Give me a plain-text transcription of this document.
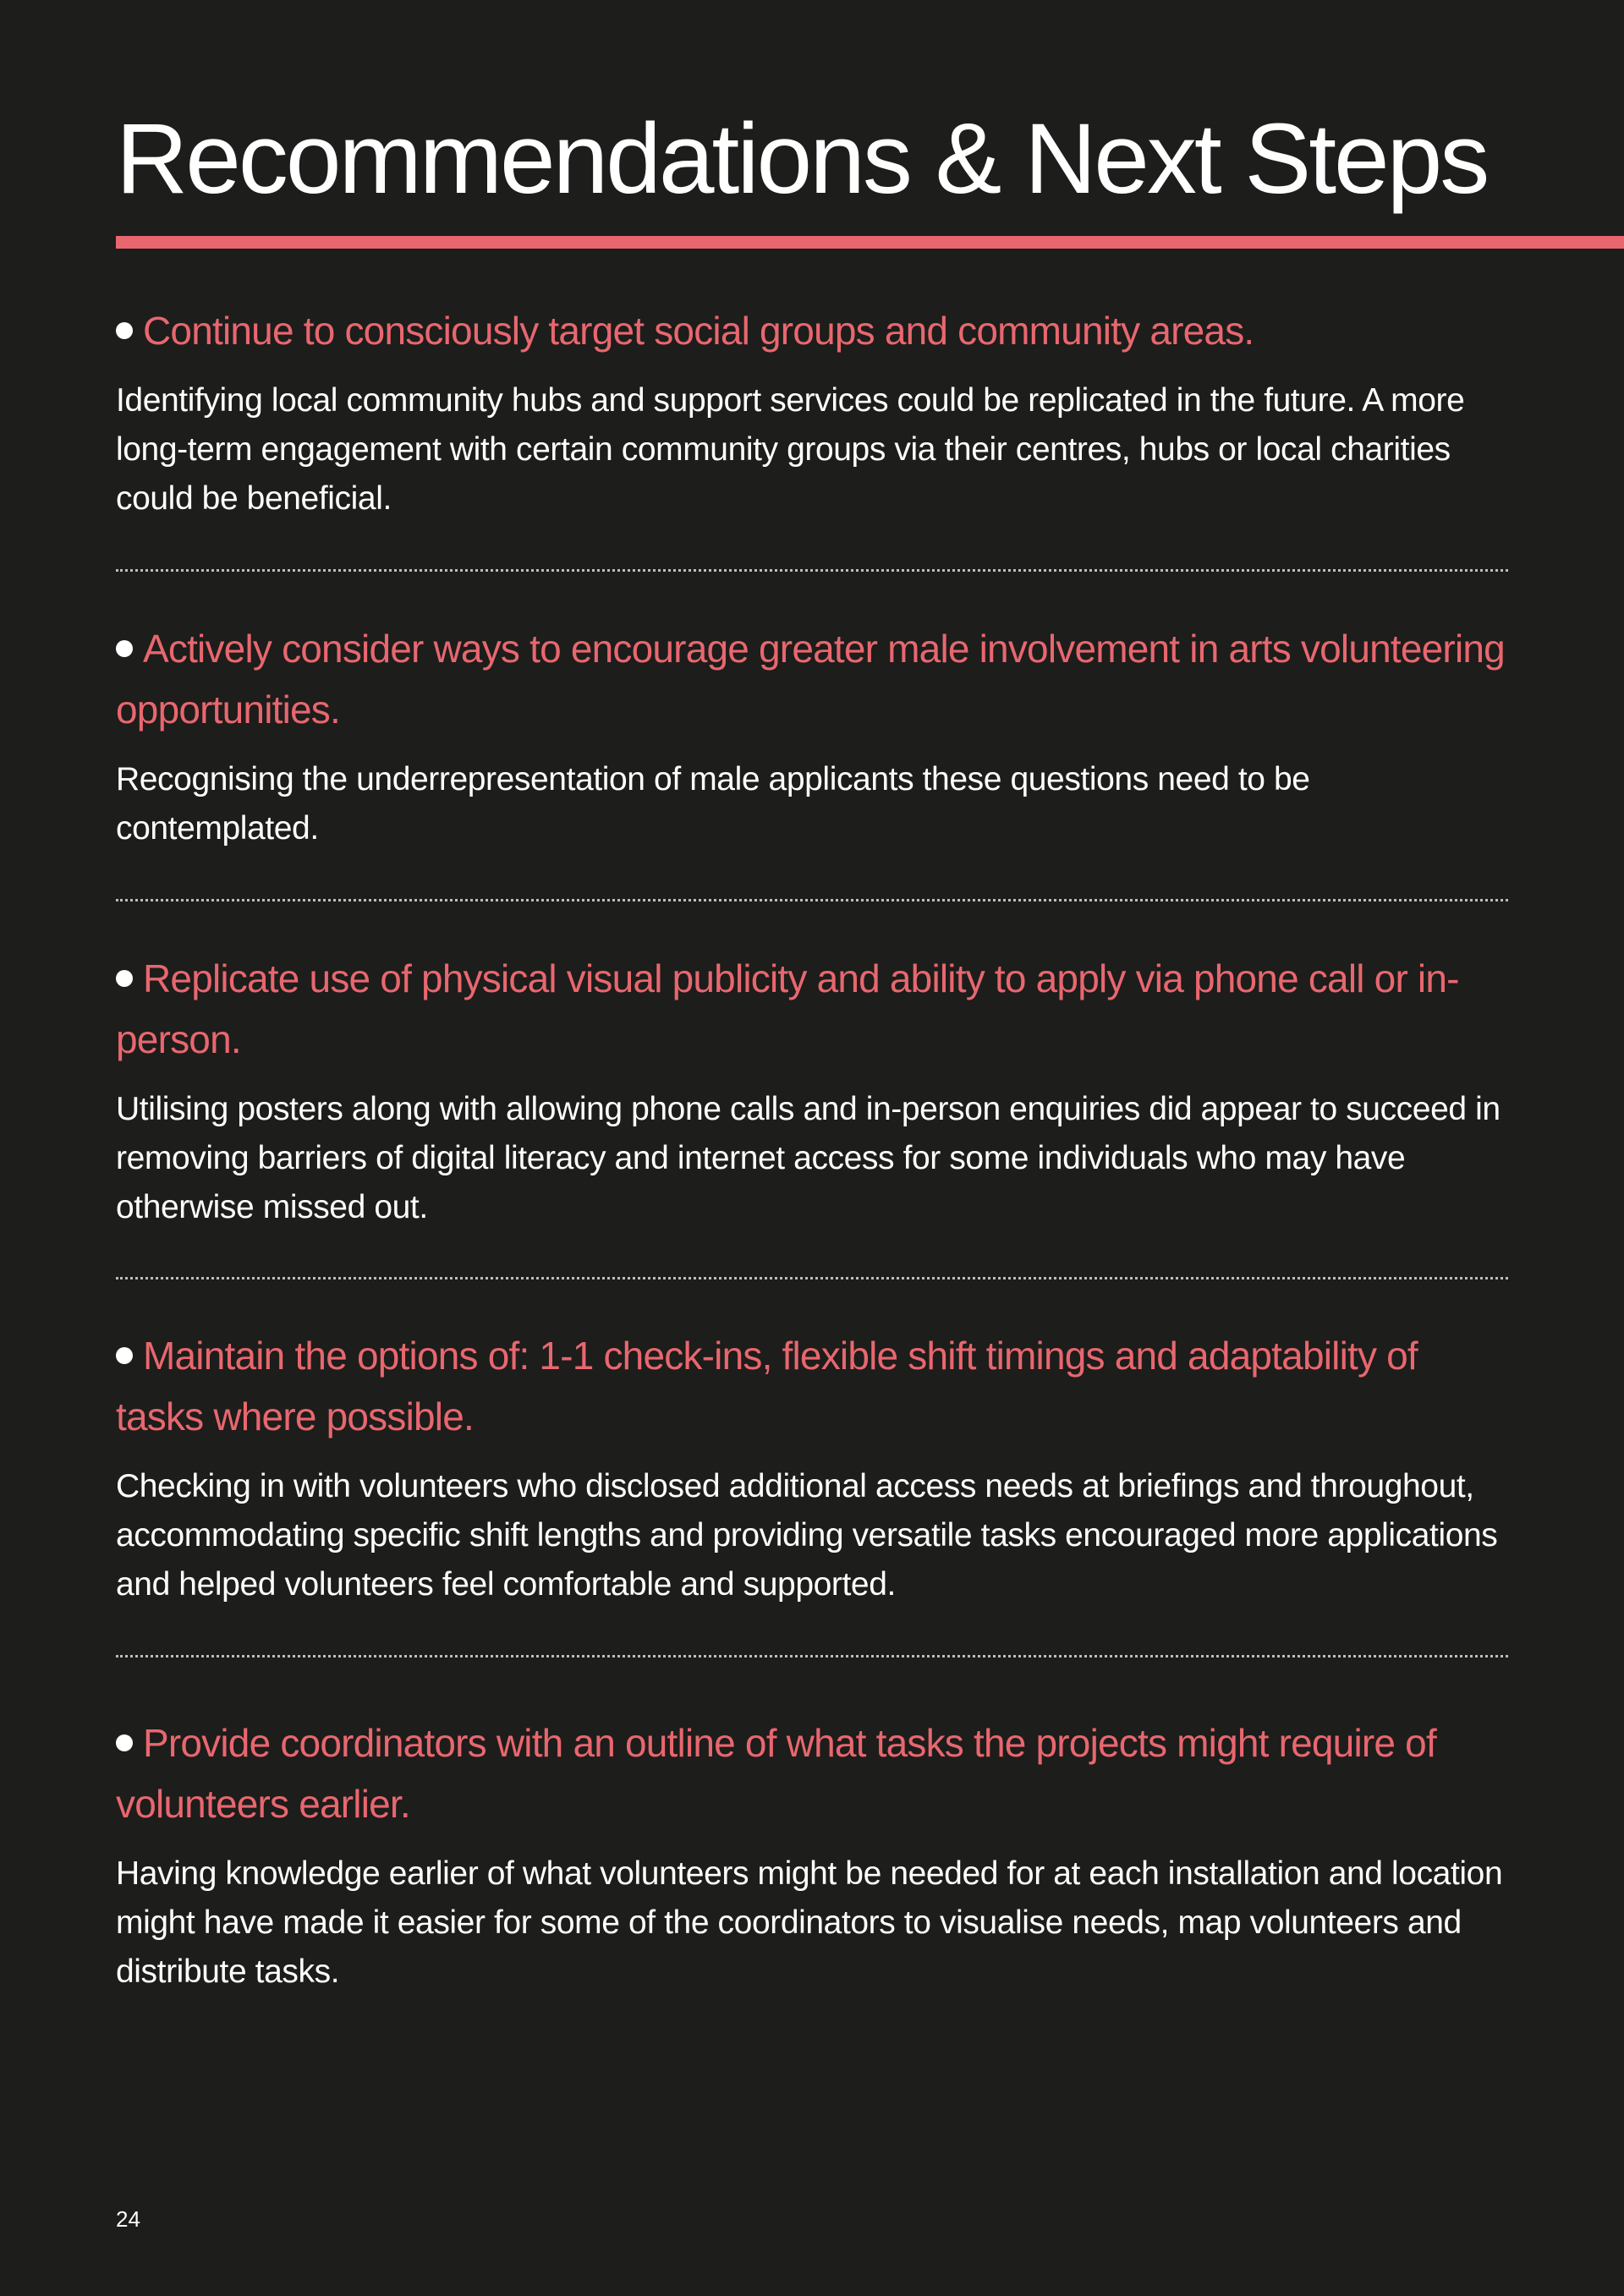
Recommendations & Next Steps

Continue to consciously target social groups and community areas.

Identifying local community hubs and support services could be replicated in the future. A more long-term engagement with certain community groups via their centres, hubs or local charities could be beneficial.

Actively consider ways to encourage greater male involvement in arts volunteering opportunities.

Recognising the underrepresentation of male applicants these questions need to be contemplated.

Replicate use of physical visual publicity and ability to apply via phone call or in-person.

Utilising posters along with allowing phone calls and in-person enquiries did appear to succeed in removing barriers of digital literacy and internet access for some individuals who may have otherwise missed out.

Maintain the options of: 1-1 check-ins, flexible shift timings and adaptability of tasks where possible.

Checking in with volunteers who disclosed additional access needs at briefings and throughout, accommodating specific shift lengths and providing versatile tasks encouraged more applications and helped volunteers feel comfortable and supported.

Provide coordinators with an outline of what tasks the projects might require of volunteers earlier.

Having knowledge earlier of what volunteers might be needed for at each installation and location might have made it easier for some of the coordinators to visualise needs, map volunteers and distribute tasks.

24
